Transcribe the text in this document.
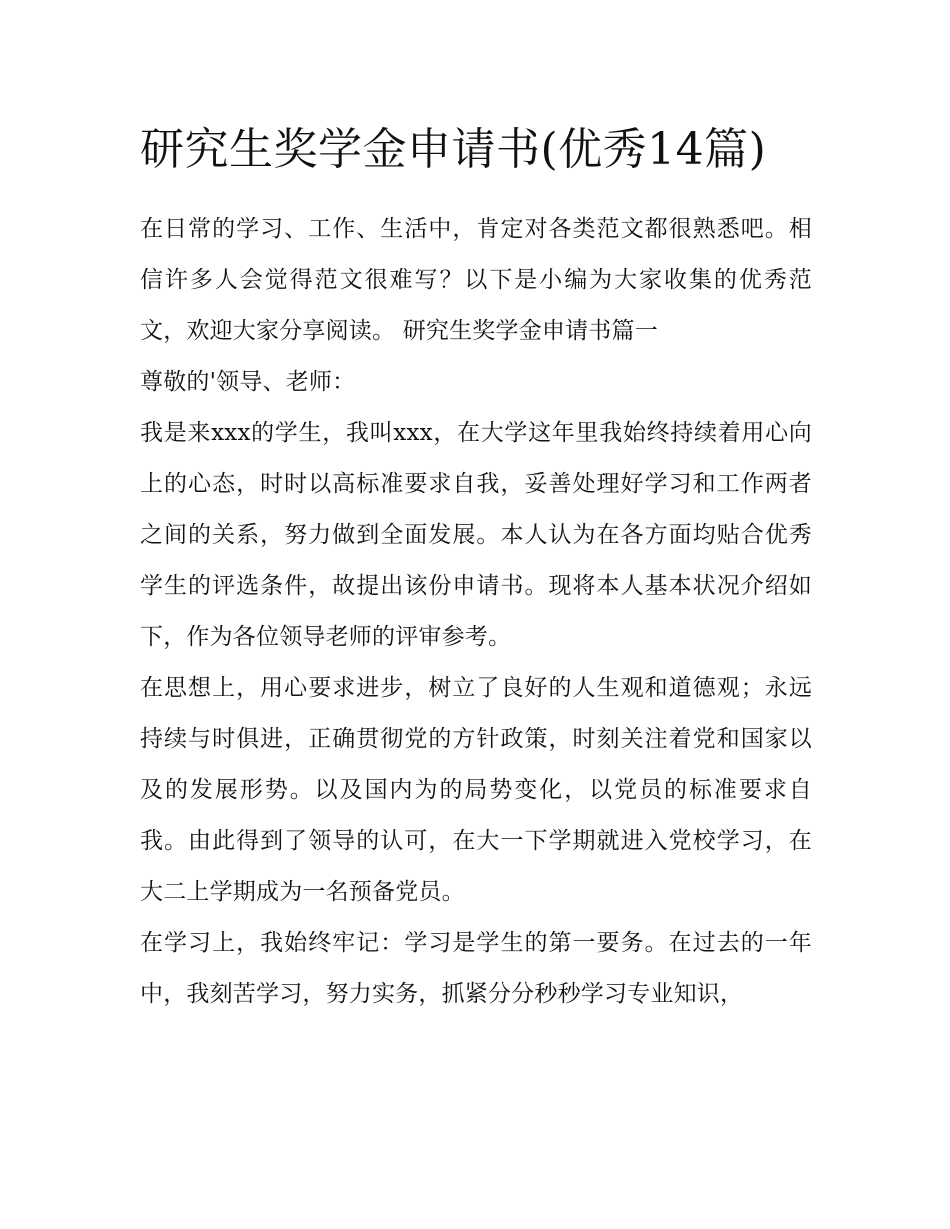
研究生奖学金申请书(优秀14篇)

在日常的学习、工作、生活中，肯定对各类范文都很熟悉吧。相信许多人会觉得范文很难写？以下是小编为大家收集的优秀范文，欢迎大家分享阅读。 研究生奖学金申请书篇一

尊敬的'领导、老师：

我是来xxx的学生，我叫xxx，在大学这年里我始终持续着用心向上的心态，时时以高标准要求自我，妥善处理好学习和工作两者之间的关系，努力做到全面发展。本人认为在各方面均贴合优秀学生的评选条件，故提出该份申请书。现将本人基本状况介绍如下，作为各位领导老师的评审参考。

在思想上，用心要求进步，树立了良好的人生观和道德观；永远持续与时俱进，正确贯彻党的方针政策，时刻关注着党和国家以及的发展形势。以及国内为的局势变化，以党员的标准要求自我。由此得到了领导的认可，在大一下学期就进入党校学习，在大二上学期成为一名预备党员。

在学习上，我始终牢记：学习是学生的第一要务。在过去的一年中，我刻苦学习，努力实务，抓紧分分秒秒学习专业知识，
